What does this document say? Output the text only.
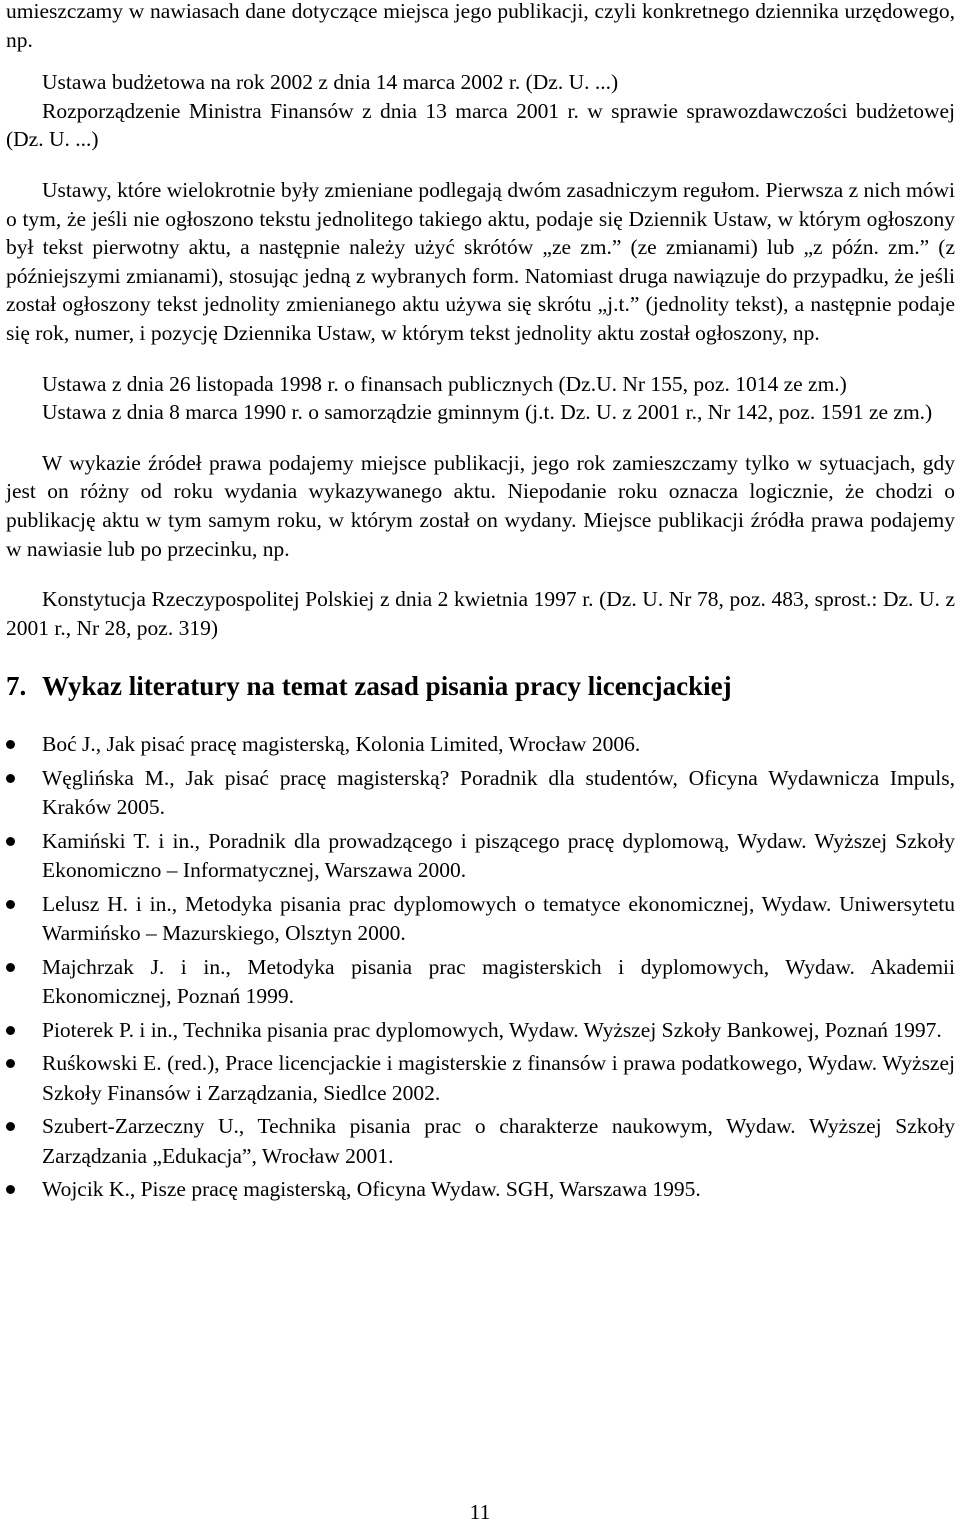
umieszczamy w nawiasach dane dotyczące miejsca jego publikacji, czyli konkretnego dziennika urzędowego, np.

Ustawa budżetowa na rok 2002 z dnia 14 marca 2002 r. (Dz. U. ...)

Rozporządzenie Ministra Finansów z dnia 13 marca 2001 r. w sprawie sprawozdawczości budżetowej (Dz. U. ...)

Ustawy, które wielokrotnie były zmieniane podlegają dwóm zasadniczym regułom. Pierwsza z nich mówi o tym, że jeśli nie ogłoszono tekstu jednolitego takiego aktu, podaje się Dziennik Ustaw, w którym ogłoszony był tekst pierwotny aktu, a następnie należy użyć skrótów „ze zm.” (ze zmianami) lub „z późn. zm.” (z późniejszymi zmianami), stosując jedną z wybranych form. Natomiast druga nawiązuje do przypadku, że jeśli został ogłoszony tekst jednolity zmienianego aktu używa się skrótu „j.t.” (jednolity tekst), a następnie podaje się rok, numer, i pozycję Dziennika Ustaw, w którym tekst jednolity aktu został ogłoszony, np.

Ustawa z dnia 26 listopada 1998 r. o finansach publicznych (Dz.U. Nr 155, poz. 1014 ze zm.)

Ustawa z dnia 8 marca 1990 r. o samorządzie gminnym (j.t. Dz. U. z 2001 r., Nr 142, poz. 1591 ze zm.)

W wykazie źródeł prawa podajemy miejsce publikacji, jego rok zamieszczamy tylko w sytuacjach, gdy jest on różny od roku wydania wykazywanego aktu. Niepodanie roku oznacza logicznie, że chodzi o publikację aktu w tym samym roku, w którym został on wydany. Miejsce publikacji źródła prawa podajemy w nawiasie lub po przecinku, np.

Konstytucja Rzeczypospolitej Polskiej z dnia 2 kwietnia 1997 r. (Dz. U. Nr 78, poz. 483, sprost.: Dz. U. z 2001 r., Nr 28, poz. 319)

7. Wykaz literatury na temat zasad pisania pracy licencjackiej
Boć J., Jak pisać pracę magisterską, Kolonia Limited, Wrocław 2006.
Węglińska M., Jak pisać pracę magisterską? Poradnik dla studentów, Oficyna Wydawnicza Impuls, Kraków 2005.
Kamiński T. i in., Poradnik dla prowadzącego i piszącego pracę dyplomową, Wydaw. Wyższej Szkoły Ekonomiczno – Informatycznej, Warszawa 2000.
Lelusz H. i in., Metodyka pisania prac dyplomowych o tematyce ekonomicznej, Wydaw. Uniwersytetu Warmińsko – Mazurskiego, Olsztyn 2000.
Majchrzak J. i in., Metodyka pisania prac magisterskich i dyplomowych, Wydaw. Akademii Ekonomicznej, Poznań 1999.
Pioterek P. i in., Technika pisania prac dyplomowych, Wydaw. Wyższej Szkoły Bankowej, Poznań 1997.
Ruśkowski E. (red.), Prace licencjackie i magisterskie z finansów i prawa podatkowego, Wydaw. Wyższej Szkoły Finansów i Zarządzania, Siedlce 2002.
Szubert-Zarzeczny U., Technika pisania prac o charakterze naukowym, Wydaw. Wyższej Szkoły Zarządzania „Edukacja”, Wrocław 2001.
Wojcik K., Pisze pracę magisterską, Oficyna Wydaw. SGH, Warszawa 1995.
11
